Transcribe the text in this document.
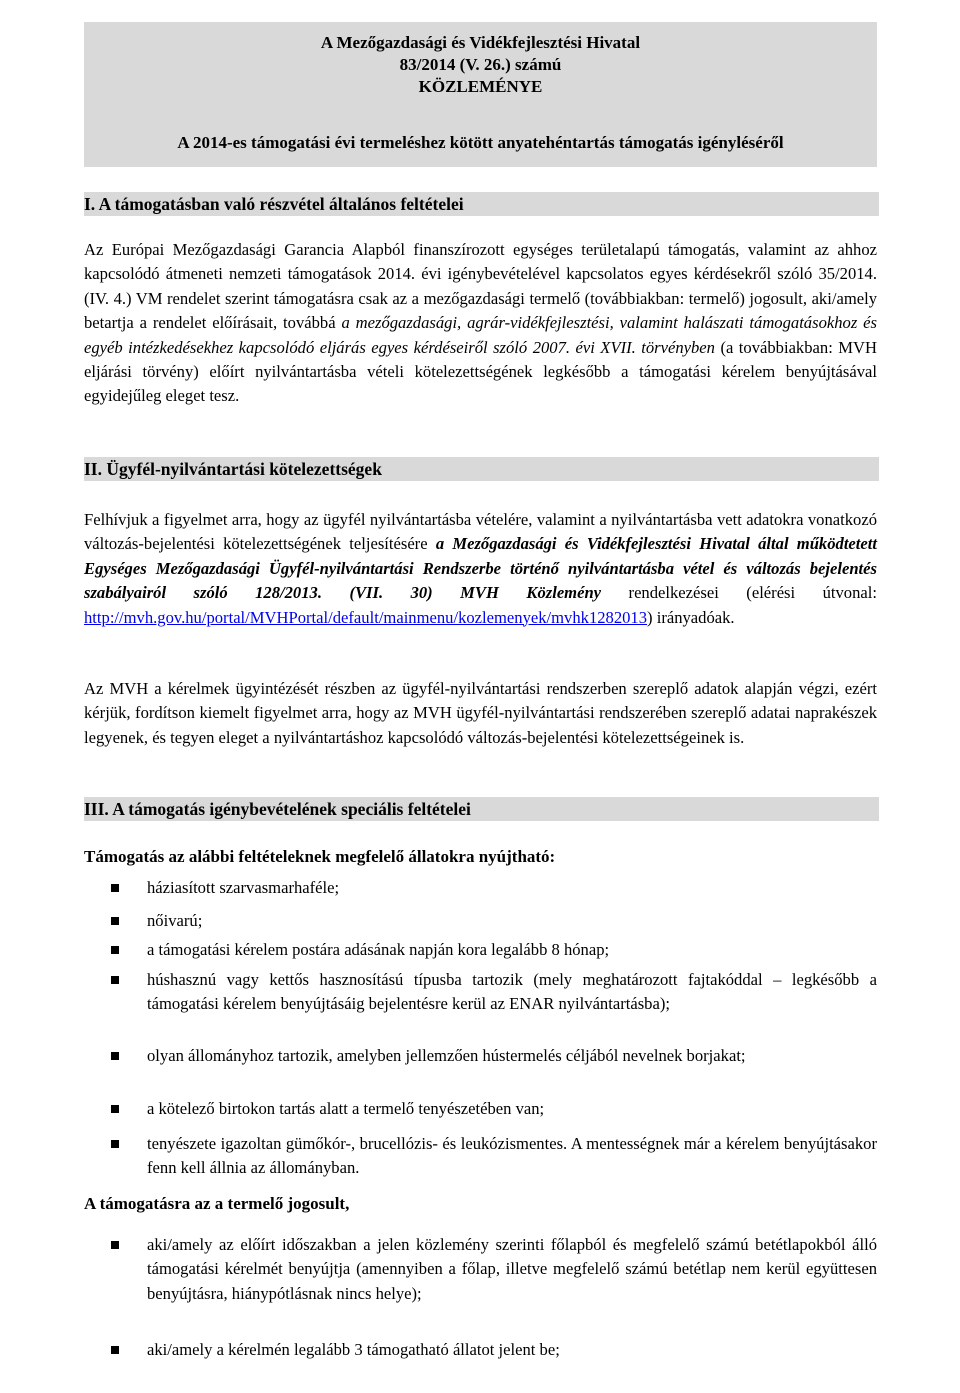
A Mezőgazdasági és Vidékfejlesztési Hivatal
83/2014 (V. 26.) számú
KÖZLEMÉNYE
A 2014-es támogatási évi termeléshez kötött anyatehéntartás támogatás igényléséről
I. A támogatásban való részvétel általános feltételei
Az Európai Mezőgazdasági Garancia Alapból finanszírozott egységes területalapú támogatás, valamint az ahhoz kapcsolódó átmeneti nemzeti támogatások 2014. évi igénybevételével kapcsolatos egyes kérdésekről szóló 35/2014. (IV. 4.) VM rendelet szerint támogatásra csak az a mezőgazdasági termelő (továbbiakban: termelő) jogosult, aki/amely betartja a rendelet előírásait, továbbá a mezőgazdasági, agrár-vidékfejlesztési, valamint halászati támogatásokhoz és egyéb intézkedésekhez kapcsolódó eljárás egyes kérdéseiről szóló 2007. évi XVII. törvényben (a továbbiakban: MVH eljárási törvény) előírt nyilvántartásba vételi kötelezettségének legkésőbb a támogatási kérelem benyújtásával egyidejűleg eleget tesz.
II. Ügyfél-nyilvántartási kötelezettségek
Felhívjuk a figyelmet arra, hogy az ügyfél nyilvántartásba vételére, valamint a nyilvántartásba vett adatokra vonatkozó változás-bejelentési kötelezettségének teljesítésére a Mezőgazdasági és Vidékfejlesztési Hivatal által működtetett Egységes Mezőgazdasági Ügyfél-nyilvántartási Rendszerbe történő nyilvántartásba vétel és változás bejelentés szabályairól szóló 128/2013. (VII. 30) MVH Közlemény rendelkezései (elérési útvonal: http://mvh.gov.hu/portal/MVHPortal/default/mainmenu/kozlemenyek/mvhk1282013) irányadóak.
Az MVH a kérelmek ügyintézését részben az ügyfél-nyilvántartási rendszerben szereplő adatok alapján végzi, ezért kérjük, fordítson kiemelt figyelmet arra, hogy az MVH ügyfél-nyilvántartási rendszerében szereplő adatai naprakészek legyenek, és tegyen eleget a nyilvántartáshoz kapcsolódó változás-bejelentési kötelezettségeinek is.
III. A támogatás igénybevételének speciális feltételei
Támogatás az alábbi feltételeknek megfelelő állatokra nyújtható:
háziasított szarvasmarhaféle;
nőivarú;
a támogatási kérelem postára adásának napján kora legalább 8 hónap;
húshasznú vagy kettős hasznosítású típusba tartozik (mely meghatározott fajtakóddal – legkésőbb a támogatási kérelem benyújtásáig bejelentésre kerül az ENAR nyilvántartásba);
olyan állományhoz tartozik, amelyben jellemzően hústermelés céljából nevelnek borjakat;
a kötelező birtokon tartás alatt a termelő tenyészetében van;
tenyészete igazoltan gümőkór-, brucellózis- és leukózismentes. A mentességnek már a kérelem benyújtásakor fenn kell állnia az állományban.
A támogatásra az a termelő jogosult,
aki/amely az előírt időszakban a jelen közlemény szerinti főlapból és megfelelő számú betétlapokból álló támogatási kérelmét benyújtja (amennyiben a főlap, illetve megfelelő számú betétlap nem kerül együttesen benyújtásra, hiánypótlásnak nincs helye);
aki/amely a kérelmén legalább 3 támogatható állatot jelent be;
